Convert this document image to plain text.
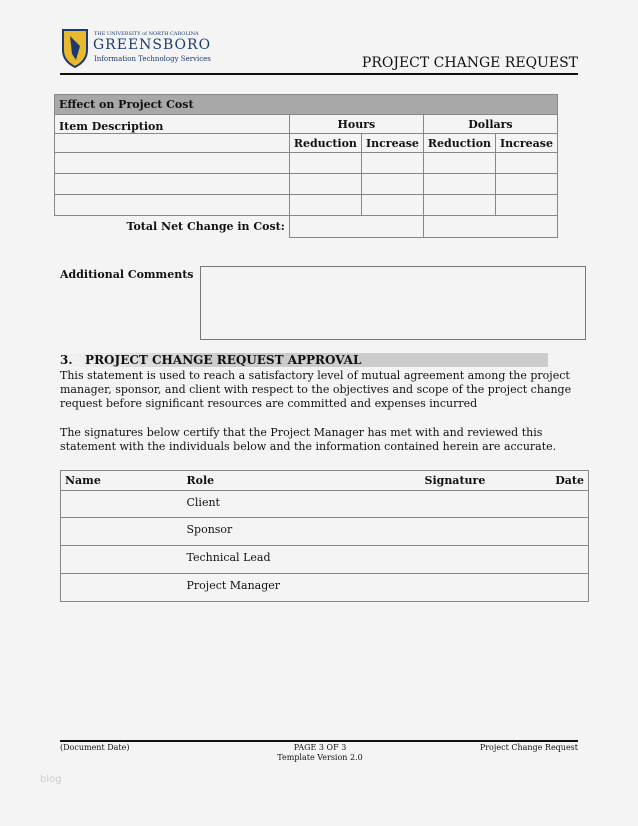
THE UNIVERSITY of NORTH CAROLINA
GREENSBORO
Information Technology Services	PROJECT CHANGE REQUEST
Effect on Project Cost				
Item Description	Hours		Dollars	
	Reduction	Increase	Reduction	Increase

Total Net Change in Cost:				
Additional Comments
3.   PROJECT CHANGE REQUEST APPROVAL
This statement is used to reach a satisfactory level of mutual agreement among the project manager, sponsor, and client with respect to the objectives and scope of the project change request before significant resources are committed and expenses incurred
The signatures below certify that the Project Manager has met with and reviewed this statement with the individuals below and the information contained herein are accurate.
Name	Role	Signature	Date
	Client		
	Sponsor		
	Technical Lead		
	Project Manager		
(Document Date)	PAGE 3 OF 3
Template Version 2.0
Project Change Request
blog
